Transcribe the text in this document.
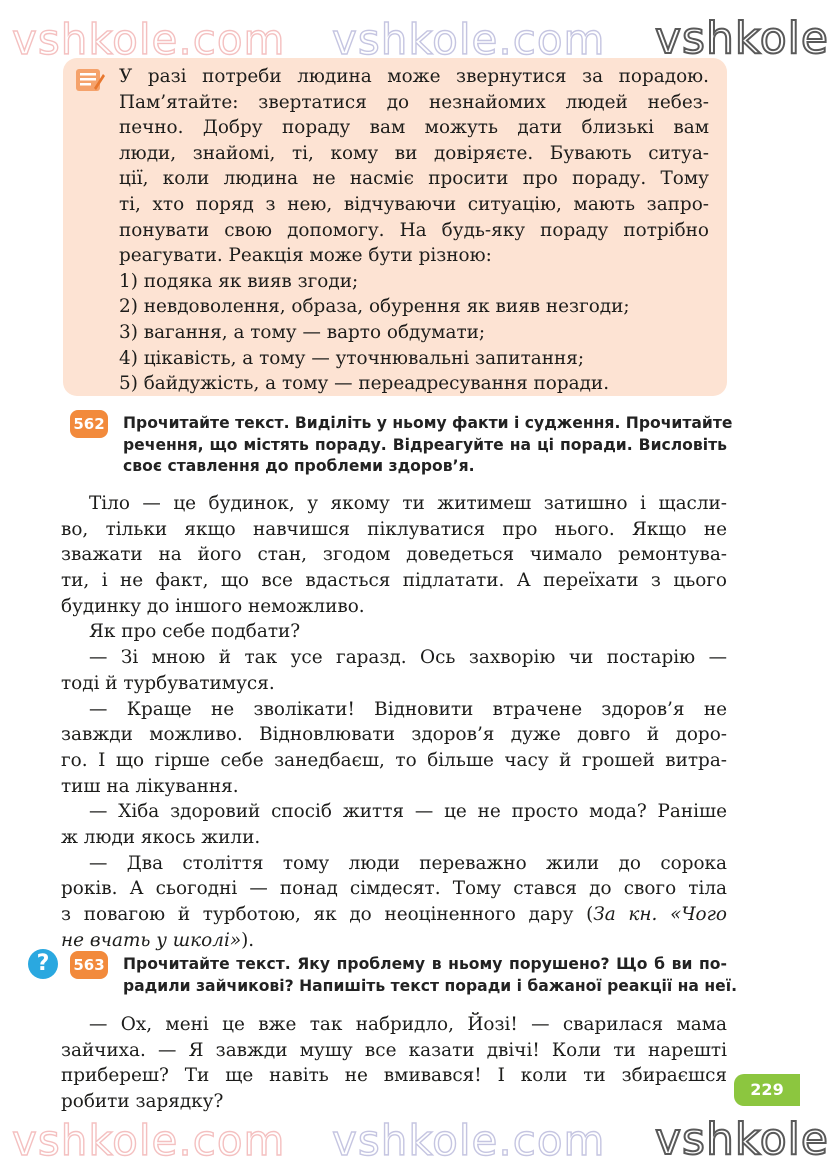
vshkole.com vshkole.com vshkole
У разі потреби людина може звернутися за порадою.
Пам’ятайте: звертатися до незнайомих людей небез-
печно. Добру пораду вам можуть дати близькі вам
люди, знайомі, ті, кому ви довіряєте. Бувають ситуа-
ції, коли людина не насміє просити про пораду. Тому
ті, хто поряд з нею, відчуваючи ситуацію, мають запро-
понувати свою допомогу. На будь-яку пораду потрібно
реагувати. Реакція може бути різною:
1) подяка як вияв згоди;
2) невдоволення, образа, обурення як вияв незгоди;
3) вагання, а тому — варто обдумати;
4) цікавість, а тому — уточнювальні запитання;
5) байдужість, а тому — переадресування поради.
562 Прочитайте текст. Виділіть у ньому факти і судження. Прочитайте
речення, що містять пораду. Відреагуйте на ці поради. Висловіть
своє ставлення до проблеми здоров’я.
Тіло — це будинок, у якому ти житимеш затишно і щасли-
во, тільки якщо навчишся піклуватися про нього. Якщо не
зважати на його стан, згодом доведеться чимало ремонтува-
ти, і не факт, що все вдасться підлатати. А переїхати з цього
будинку до іншого неможливо.
Як про себе подбати?
— Зі мною й так усе гаразд. Ось захворію чи постарію —
тоді й турбуватимуся.
— Краще не зволікати! Відновити втрачене здоров’я не
завжди можливо. Відновлювати здоров’я дуже довго й доро-
го. І що гірше себе занедбаєш, то більше часу й грошей витра-
тиш на лікування.
— Хіба здоровий спосіб життя — це не просто мода? Раніше
ж люди якось жили.
— Два століття тому люди переважно жили до сорока
років. А сьогодні — понад сімдесят. Тому стався до свого тіла
з повагою й турботою, як до неоціненного дару (За кн. «Чого
не вчать у школі»).
?	563 Прочитайте текст. Яку проблему в ньому порушено? Що б ви по-
радили зайчикові? Напишіть текст поради і бажаної реакції на неї.
— Ох, мені це вже так набридло, Йозі! — сварилася мама
зайчиха. — Я завжди мушу все казати двічі! Коли ти нарешті
прибереш? Ти ще навіть не вмивався! І коли ти збираєшся
робити зарядку?
229
vshkole.com vshkole.com vshkole
